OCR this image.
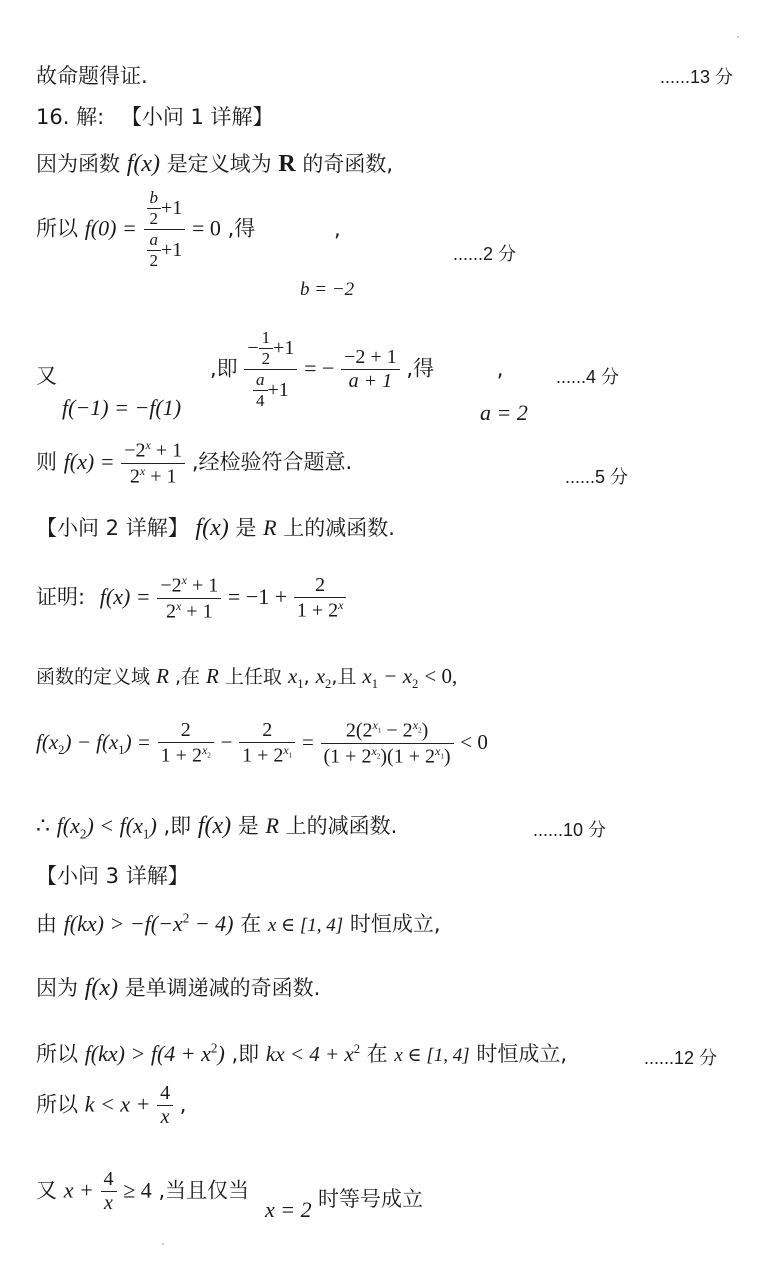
故命题得证.	......13 分
16. 解: 【小问 1 详解】
因为函数 f(x) 是定义域为 R 的奇函数,
所以 $f(0) = \frac{\frac{b}{2} +1}{\frac{a}{2} +1} = 0$ ,得	,
b = −2
......2 分
又
f(−1) = −f(1)
,即 $\frac{- \frac{1}{2} +1}{\frac{a}{4} +1}$ = − $\frac{-2 + 1}{a + 1}$ ,得	,
a = 2
......4 分
则 $f(x) = \frac{-2^x + 1}{2^x + 1}$ ,经检验符合题意.
......5 分
【小问 2 详解】 f(x) 是 R 上的减函数.
证明: $f(x) = \frac{-2^x + 1}{2^x + 1} = -1 + \frac{2}{1 + 2^x}$
函数的定义域 R ,在 R 上任取 $x_1$, $x_2$,且 $x_1 - x_2 < 0$,
$f(x_2) - f(x_1) = \frac{2}{1 + 2^{x_2}} - \frac{2}{1 + 2^{x_1}} = \frac{2(2^{x_1} - 2^{x_2})}{(1 + 2^{x_2})(1 + 2^{x_1})} < 0$
∴ $f(x_2) < f(x_1)$ ,即 f(x) 是 R 上的减函数.	......10 分
【小问 3 详解】
由 $f(kx) > -f(-x^2 - 4)$ 在 x ∈ [1, 4] 时恒成立,
因为 f(x) 是单调递减的奇函数.
所以 $f(kx) > f(4 + x^2)$ ,即 kx < $4 + x^2$ 在 x ∈ [1, 4] 时恒成立,	......12 分
所以 $k < x + \frac{4}{x}$ ,
又 $x + \frac{4}{x} \ge 4$ ,当且仅当
x = 2 时等号成立
